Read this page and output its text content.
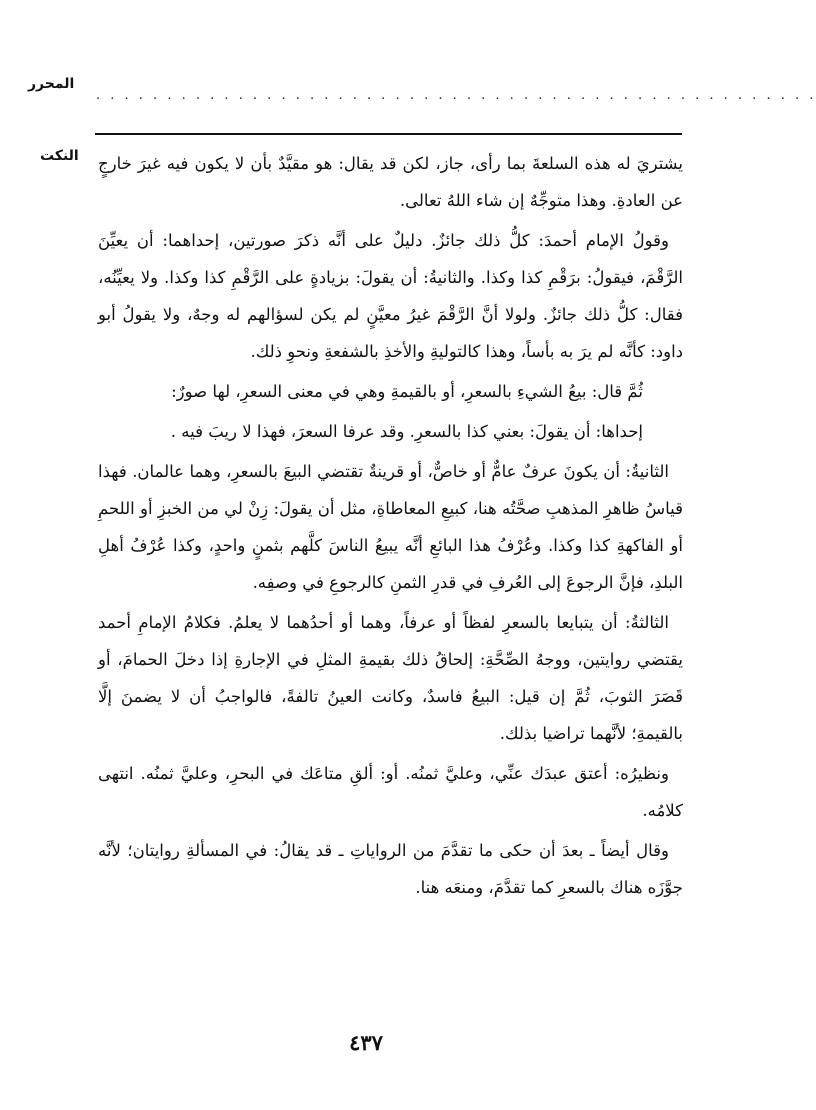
المحرر
. . . . . . . . . . . . . . . . . . . . . . . . . . . . . . . . . . . . . . . . . . . . . . . . . . .
النكت يشتريَ له هذه السلعةَ بما رأى، جاز، لكن قد يقال: هو مقيَّدٌ بأن لا يكون فيه غيرَ خارجٍ عن العادةِ. وهذا متوجِّهٌ إن شاء اللهُ تعالى.

وقولُ الإمام أحمدَ: كلُّ ذلك جائزٌ. دليلٌ على أنَّه ذكرَ صورتين، إحداهما: أن يعيِّنَ الرَّقْمَ، فيقولُ: برَقْمِ كذا وكذا. والثانيةُ: أن يقولَ: بزيادةٍ على الرَّقْمِ كذا وكذا. ولا يعيِّنُه، فقال: كلُّ ذلك جائزٌ. ولولا أنَّ الرَّقْمَ غيرُ معيَّنٍ لم يكن لسؤالهم له وجهٌ، ولا يقولُ أبو داود: كأنَّه لم يرَ به بأساً، وهذا كالتوليةِ والأخذِ بالشفعةِ ونحوِ ذلك.

ثُمَّ قال: بيعُ الشيءِ بالسعرِ، أو بالقيمةِ وهي في معنى السعرِ، لها صورٌ:

إحداها: أن يقولَ: بعني كذا بالسعرِ. وقد عرفا السعرَ، فهذا لا ريبَ فيه .

الثانيةُ: أن يكونَ عرفٌ عامٌّ أو خاصٌّ، أو قرينةٌ تقتضي البيعَ بالسعرِ، وهما عالمان. فهذا قياسُ ظاهرِ المذهبِ صحَّتُه هنا، كبيعِ المعاطاةِ، مثل أن يقولَ: زِنْ لي من الخبزِ أو اللحمِ أو الفاكهةِ كذا وكذا. وعُرْفُ هذا البائعِ أنَّه يبيعُ الناسَ كلَّهم بثمنٍ واحدٍ، وكذا عُرْفُ أهلِ البلدِ، فإنَّ الرجوعَ إلى العُرفِ في قدرِ الثمنِ كالرجوعِ في وصفِه.

الثالثةُ: أن يتبايعا بالسعرِ لفظاً أو عرفاً، وهما أو أحدُهما لا يعلمُ. فكلامُ الإمامِ أحمد يقتضي روايتين، ووجهُ الصِّحَّةِ: إلحاقُ ذلك بقيمةِ المثلِ في الإجارةِ إذا دخلَ الحمامَ، أو قَصَرَ الثوبَ، ثُمَّ إن قيل: البيعُ فاسدٌ، وكانت العينُ تالفةً، فالواجبُ أن لا يضمنَ إلَّا بالقيمةِ؛ لأنَّهما تراضيا بذلك.

ونظيرُه: أعتق عبدَك عنِّي، وعليَّ ثمنُه. أو: ألقِ متاعَك في البحرِ، وعليَّ ثمنُه. انتهى كلامُه.

وقال أيضاً ـ بعدَ أن حكى ما تقدَّمَ من الرواياتِ ـ قد يقالُ: في المسألةِ روايتان؛ لأنَّه جوَّزَه هناك بالسعرِ كما تقدَّمَ، ومنعَه هنا.

٤٣٧
